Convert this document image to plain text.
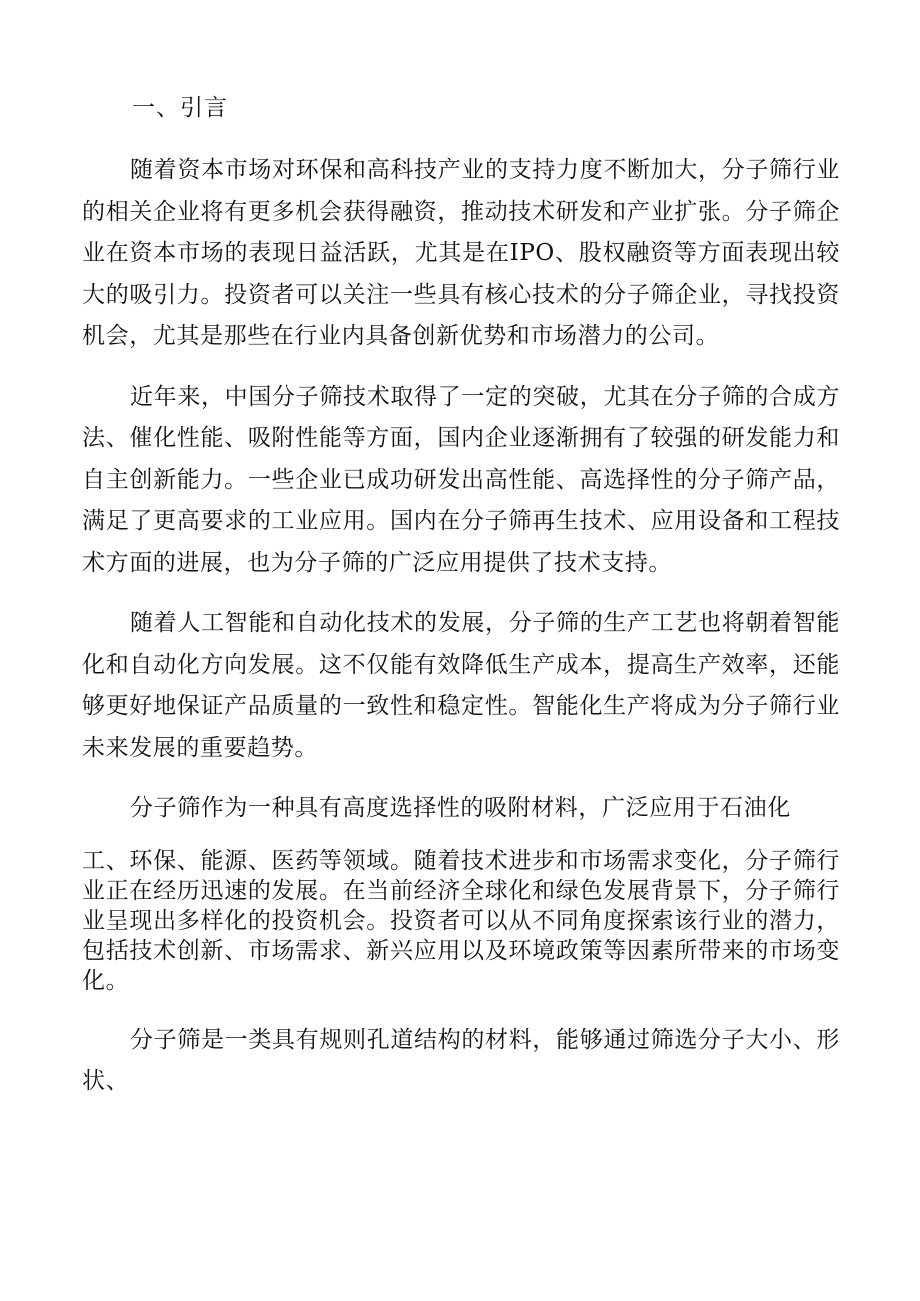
一、引言

随着资本市场对环保和高科技产业的支持力度不断加大，分子筛行业的相关企业将有更多机会获得融资，推动技术研发和产业扩张。分子筛企业在资本市场的表现日益活跃，尤其是在IPO、股权融资等方面表现出较大的吸引力。投资者可以关注一些具有核心技术的分子筛企业，寻找投资机会，尤其是那些在行业内具备创新优势和市场潜力的公司。

近年来，中国分子筛技术取得了一定的突破，尤其在分子筛的合成方法、催化性能、吸附性能等方面，国内企业逐渐拥有了较强的研发能力和自主创新能力。一些企业已成功研发出高性能、高选择性的分子筛产品，满足了更高要求的工业应用。国内在分子筛再生技术、应用设备和工程技术方面的进展，也为分子筛的广泛应用提供了技术支持。

随着人工智能和自动化技术的发展，分子筛的生产工艺也将朝着智能化和自动化方向发展。这不仅能有效降低生产成本，提高生产效率，还能够更好地保证产品质量的一致性和稳定性。智能化生产将成为分子筛行业未来发展的重要趋势。

分子筛作为一种具有高度选择性的吸附材料，广泛应用于石油化

工、环保、能源、医药等领域。随着技术进步和市场需求变化，分子筛行业正在经历迅速的发展。在当前经济全球化和绿色发展背景下，分子筛行业呈现出多样化的投资机会。投资者可以从不同角度探索该行业的潜力，包括技术创新、市场需求、新兴应用以及环境政策等因素所带来的市场变化。

分子筛是一类具有规则孔道结构的材料，能够通过筛选分子大小、形状、
